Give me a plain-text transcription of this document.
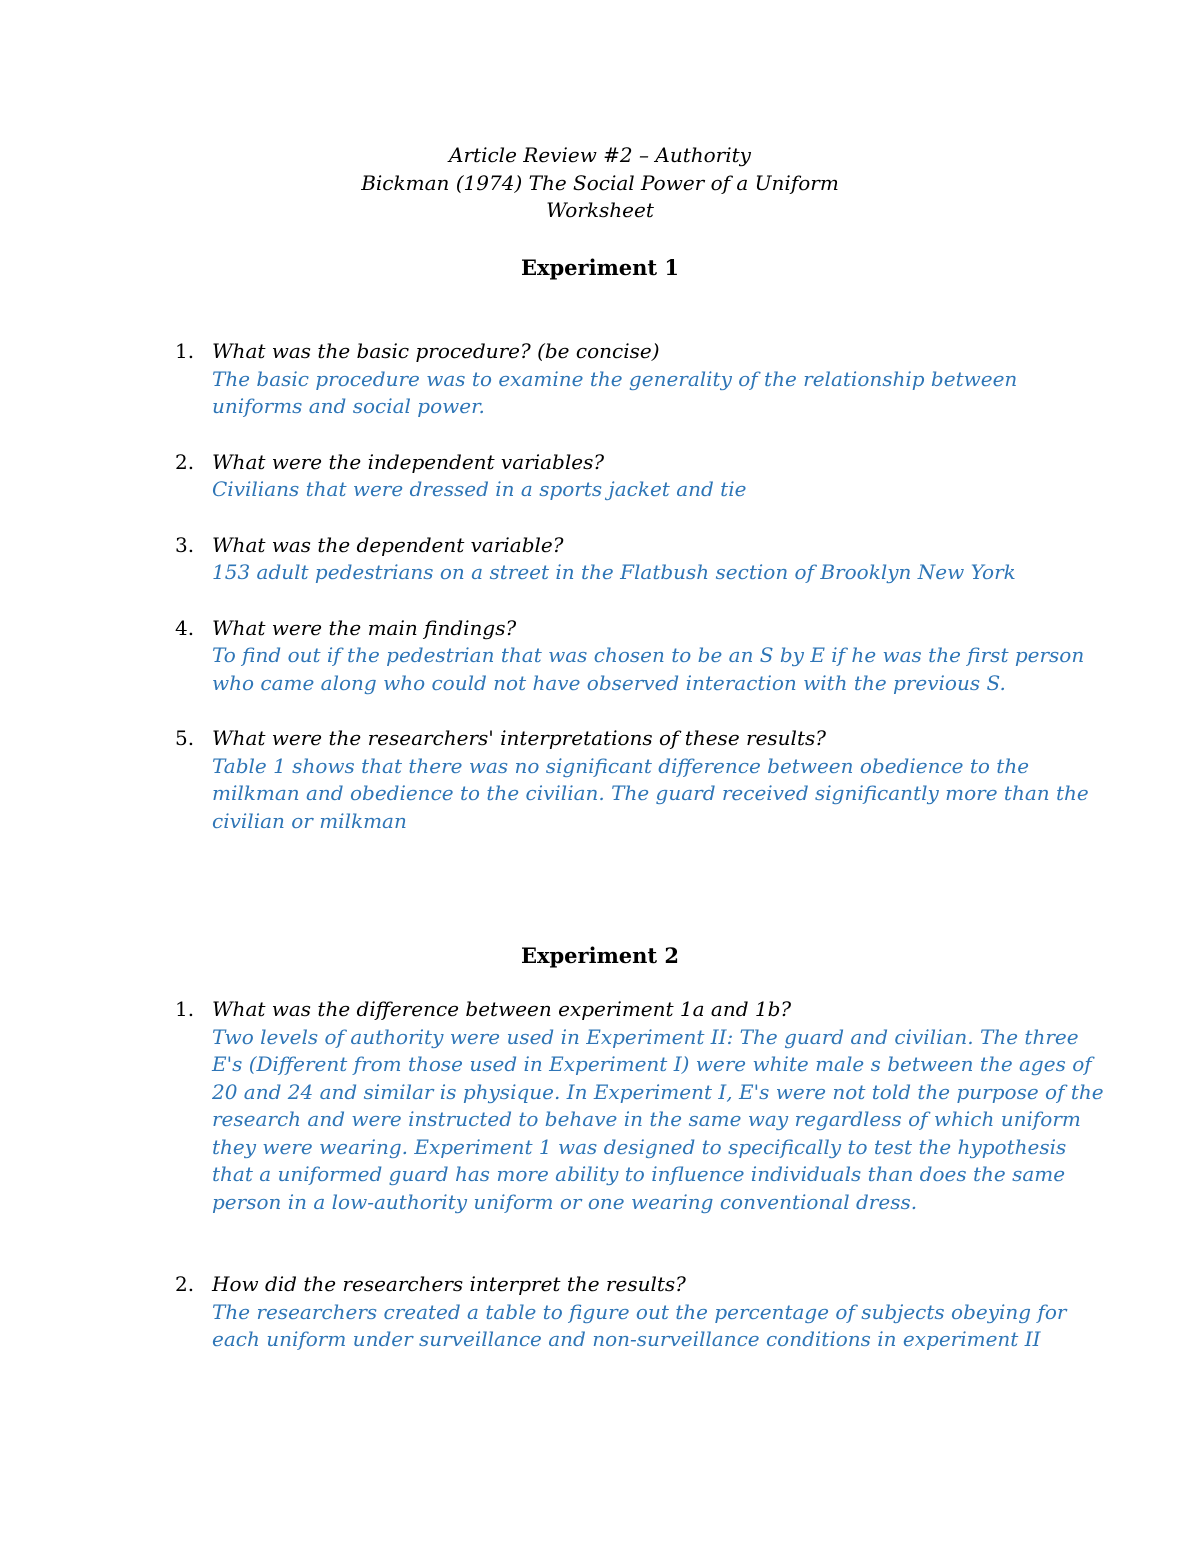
Article Review #2 – Authority
Bickman (1974) The Social Power of a Uniform
Worksheet
Experiment 1
1. What was the basic procedure? (be concise)
The basic procedure was to examine the generality of the relationship between
uniforms and social power.
2. What were the independent variables?
Civilians that were dressed in a sports jacket and tie
3. What was the dependent variable?
153 adult pedestrians on a street in the Flatbush section of Brooklyn New York
4. What were the main findings?
To find out if the pedestrian that was chosen to be an S by E if he was the first person
who came along who could not have observed interaction with the previous S.
5. What were the researchers' interpretations of these results?
Table 1 shows that there was no significant difference between obedience to the
milkman and obedience to the civilian. The guard received significantly more than the
civilian or milkman
Experiment 2
1. What was the difference between experiment 1a and 1b?
Two levels of authority were used in Experiment II: The guard and civilian. The three
E's (Different from those used in Experiment I) were white male s between the ages of
20 and 24 and similar is physique. In Experiment I, E's were not told the purpose of the
research and were instructed to behave in the same way regardless of which uniform
they were wearing. Experiment 1 was designed to specifically to test the hypothesis
that a uniformed guard has more ability to influence individuals than does the same
person in a low-authority uniform or one wearing conventional dress.
2. How did the researchers interpret the results?
The researchers created a table to figure out the percentage of subjects obeying for
each uniform under surveillance and non-surveillance conditions in experiment II
